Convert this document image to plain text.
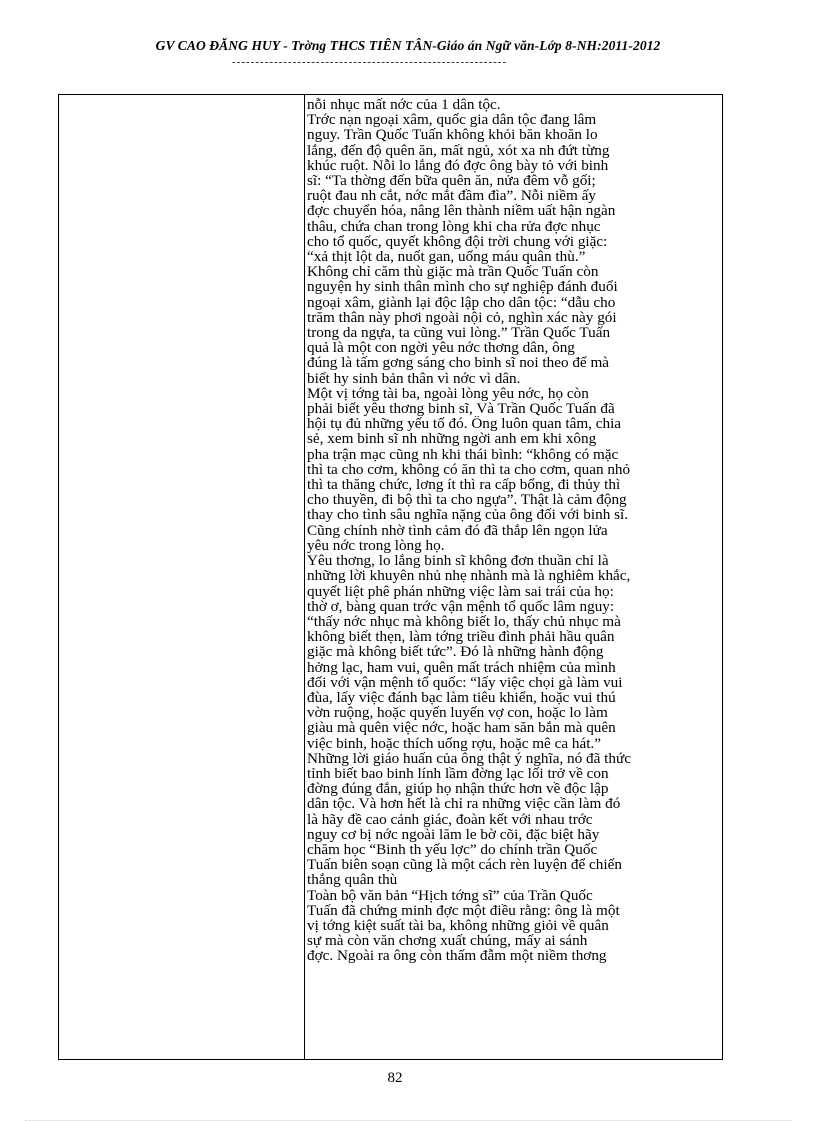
GV CAO ĐĂNG HUY - Trờng THCS TIÊN TÂN-Giáo án Ngữ văn-Lớp 8-NH:2011-2012
-----------------------------------------------------------
nỗi nhục mất nớc của 1 dân tộc.
Trớc nạn ngoại xâm, quốc gia dân tộc đang lâm
nguy. Trần Quốc Tuấn không khỏi băn khoăn lo
lắng, đến độ quên ăn, mất ngủ, xót xa nh đứt từng
khúc ruột. Nỗi lo lắng đó đợc ông bày tỏ với binh
sĩ: “Ta thờng đến bữa quên ăn, nửa đêm vỗ gối;
ruột đau nh cắt, nớc mắt đầm đìa”. Nỗi niềm ấy
đợc chuyển hóa, nâng lên thành niềm uất hận ngàn
thâu, chứa chan trong lòng khi cha rửa đợc nhục
cho tổ quốc, quyết không đội trời chung với giặc:
“xả thịt lột da, nuốt gan, uống máu quân thù.”
Không chỉ căm thù giặc mà trần Quốc Tuấn còn
nguyện hy sinh thân mình cho sự nghiệp đánh đuổi
ngoại xâm, giành lại độc lập cho dân tộc: “dẫu cho
trăm thân này phơi ngoài nội cỏ, nghìn xác này gói
trong da ngựa, ta cũng vui lòng.” Trần Quốc Tuấn
quả là một con ngời yêu nớc thơng dân, ông
đúng là tấm gơng sáng cho binh sĩ noi theo để mà
biết hy sinh bản thân vì nớc vì dân.
Một vị tớng tài ba, ngoài lòng yêu nớc, họ còn
phải biết yêu thơng binh sĩ, Và Trần Quốc Tuấn đã
hội tụ đủ những yếu tố đó. Ông luôn quan tâm, chia
sẻ, xem binh sĩ nh những ngời anh em khi xông
pha trận mạc cũng nh khi thái bình: “không có mặc
thì ta cho cơm, không có ăn thì ta cho cơm, quan nhỏ
thì ta thăng chức, lơng ít thì ra cấp bổng, đi thủy thì
cho thuyền, đi bộ thì ta cho ngựa”. Thật là cảm động
thay cho tình sâu nghĩa nặng của ông đối với binh sĩ.
Cũng chính nhờ tình cảm đó đã thắp lên ngọn lửa
yêu nớc trong lòng họ.
Yêu thơng, lo lắng binh sĩ không đơn thuần chỉ là
những lời khuyên nhủ nhẹ nhành mà là nghiêm khắc,
quyết liệt phê phán những việc làm sai trái của họ:
thờ ơ, bàng quan trớc vận mệnh tổ quốc lâm nguy:
“thấy nớc nhục mà không biết lo, thấy chủ nhục mà
không biết thẹn, làm tớng triều đình phải hầu quân
giặc mà không biết tức”. Đó là những hành động
hởng lạc, ham vui, quên mất trách nhiệm của mình
đối với vận mệnh tổ quốc: “lấy việc chọi gà làm vui
đùa, lấy việc đánh bạc làm tiêu khiển, hoặc vui thú
vờn ruộng, hoặc quyến luyến vợ con, hoặc lo làm
giàu mà quên việc nớc, hoặc ham săn bắn mà quên
việc binh, hoặc thích uống rợu, hoặc mê ca hát.”
Những lời giáo huấn của ông thật ý nghĩa, nó đã thức
tỉnh biết bao binh lính lầm đờng lạc lối trở về con
đờng đúng đắn, giúp họ nhận thức hơn về độc lập
dân tộc. Và hơn hết là chỉ ra những việc cần làm đó
là hãy đề cao cảnh giác, đoàn kết với nhau trớc
nguy cơ bị nớc ngoài lăm le bờ cõi, đặc biệt hãy
chăm học “Binh th yếu lợc” do chính trần Quốc
Tuấn biên soạn cũng là một cách rèn luyện để chiến
thắng quân thù
Toàn bộ văn bản “Hịch tớng sĩ” của Trần Quốc
Tuấn đã chứng minh đợc một điều rằng: ông là một
vị tớng kiệt suất tài ba, không những giỏi về quân
sự mà còn văn chơng xuất chúng, mấy ai sánh
đợc. Ngoài ra ông còn thấm đẫm một niềm thơng
82
